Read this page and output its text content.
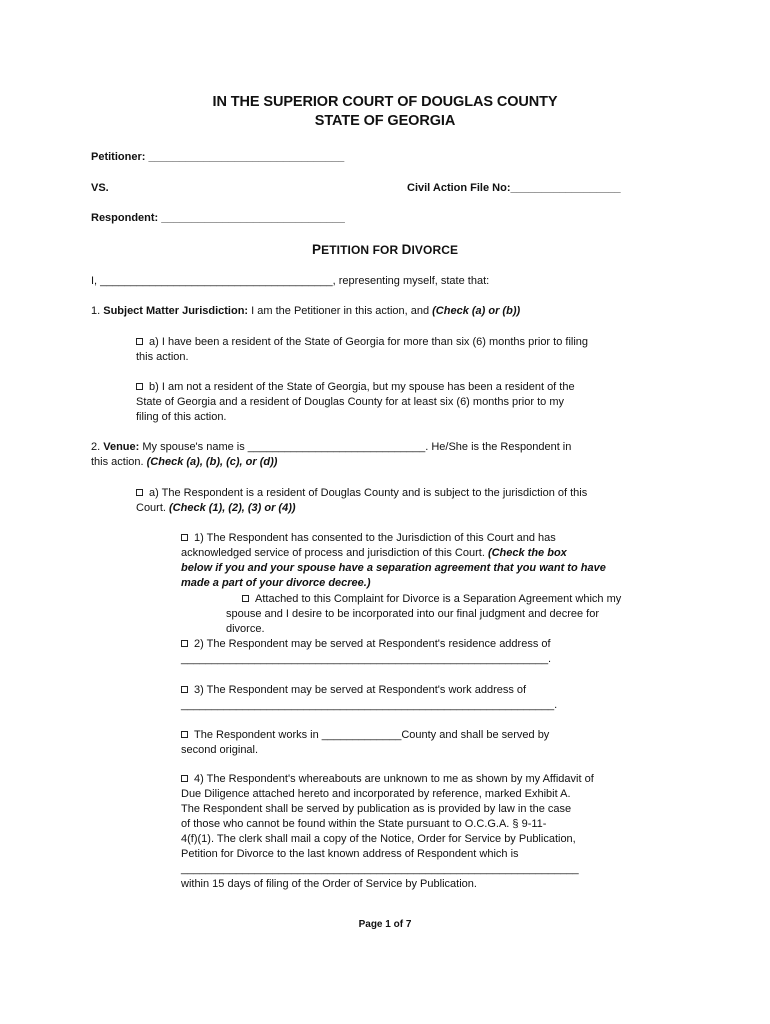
IN THE SUPERIOR COURT OF DOUGLAS COUNTY
STATE OF GEORGIA
Petitioner: ________________________________
VS.	Civil Action File No:__________________
Respondent: ______________________________
PETITION FOR DIVORCE
I, ______________________________________, representing myself, state that:
1. Subject Matter Jurisdiction: I am the Petitioner in this action, and (Check (a) or (b))
a) I have been a resident of the State of Georgia for more than six (6) months prior to filing
this action.
b) I am not a resident of the State of Georgia, but my spouse has been a resident of the
State of Georgia and a resident of Douglas County for at least six (6) months prior to my
filing of this action.
2. Venue: My spouse's name is _____________________________. He/She is the Respondent in
this action. (Check (a), (b), (c), or (d))
a) The Respondent is a resident of Douglas County and is subject to the jurisdiction of this
Court. (Check (1), (2), (3) or (4))
1) The Respondent has consented to the Jurisdiction of this Court and has
acknowledged service of process and jurisdiction of this Court. (Check the box
below if you and your spouse have a separation agreement that you want to have
made a part of your divorce decree.)
Attached to this Complaint for Divorce is a Separation Agreement which my
spouse and I desire to be incorporated into our final judgment and decree for
divorce.
2) The Respondent may be served at Respondent's residence address of
____________________________________________________________.
3) The Respondent may be served at Respondent's work address of
_____________________________________________________________.
The Respondent works in _____________County and shall be served by
second original.
4) The Respondent's whereabouts are unknown to me as shown by my Affidavit of
Due Diligence attached hereto and incorporated by reference, marked Exhibit A.
The Respondent shall be served by publication as is provided by law in the case
of those who cannot be found within the State pursuant to O.C.G.A. § 9-11-
4(f)(1). The clerk shall mail a copy of the Notice, Order for Service by Publication,
Petition for Divorce to the last known address of Respondent which is
_________________________________________________________________
within 15 days of filing of the Order of Service by Publication.
Page 1 of 7
